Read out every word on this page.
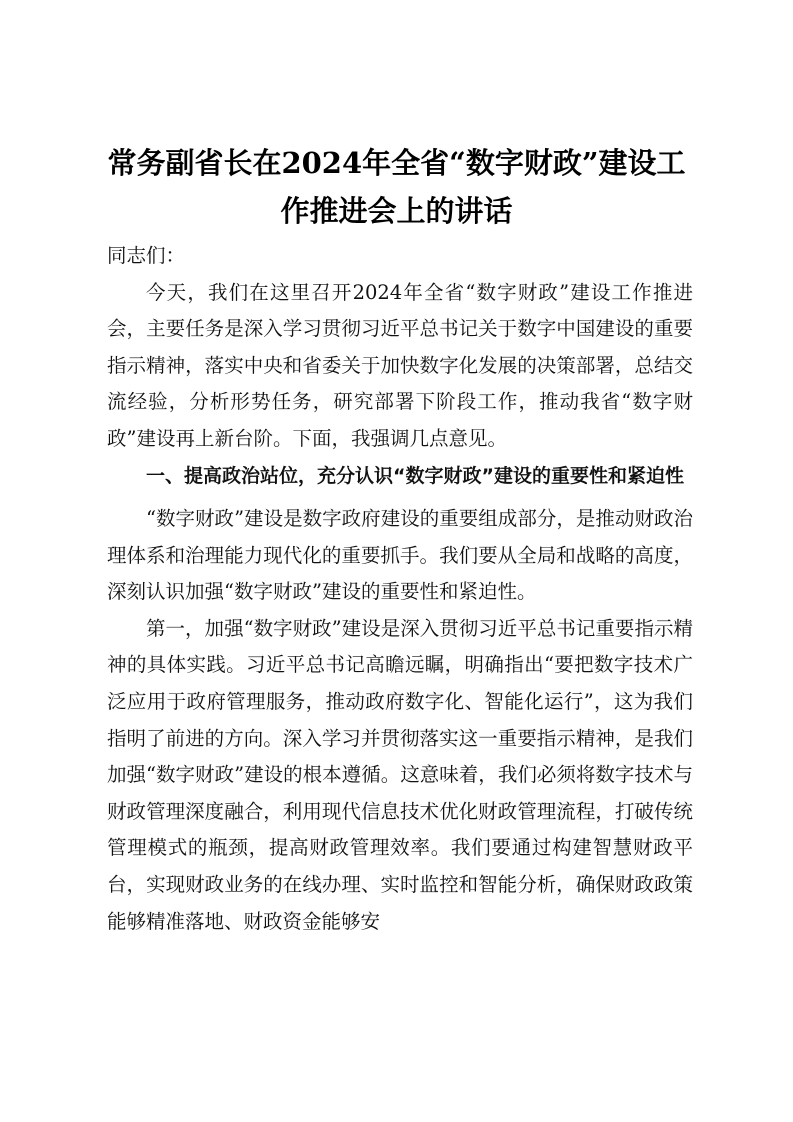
常务副省长在2024年全省“数字财政”建设工作推进会上的讲话

同志们：

今天，我们在这里召开2024年全省“数字财政”建设工作推进会，主要任务是深入学习贯彻习近平总书记关于数字中国建设的重要指示精神，落实中央和省委关于加快数字化发展的决策部署，总结交流经验，分析形势任务，研究部署下阶段工作，推动我省“数字财政”建设再上新台阶。下面，我强调几点意见。

一、提高政治站位，充分认识“数字财政”建设的重要性和紧迫性

“数字财政”建设是数字政府建设的重要组成部分，是推动财政治理体系和治理能力现代化的重要抓手。我们要从全局和战略的高度，深刻认识加强“数字财政”建设的重要性和紧迫性。

第一，加强“数字财政”建设是深入贯彻习近平总书记重要指示精神的具体实践。习近平总书记高瞻远瞩，明确指出“要把数字技术广泛应用于政府管理服务，推动政府数字化、智能化运行”，这为我们指明了前进的方向。深入学习并贯彻落实这一重要指示精神，是我们加强“数字财政”建设的根本遵循。这意味着，我们必须将数字技术与财政管理深度融合，利用现代信息技术优化财政管理流程，打破传统管理模式的瓶颈，提高财政管理效率。我们要通过构建智慧财政平台，实现财政业务的在线办理、实时监控和智能分析，确保财政政策能够精准落地、财政资金能够安
